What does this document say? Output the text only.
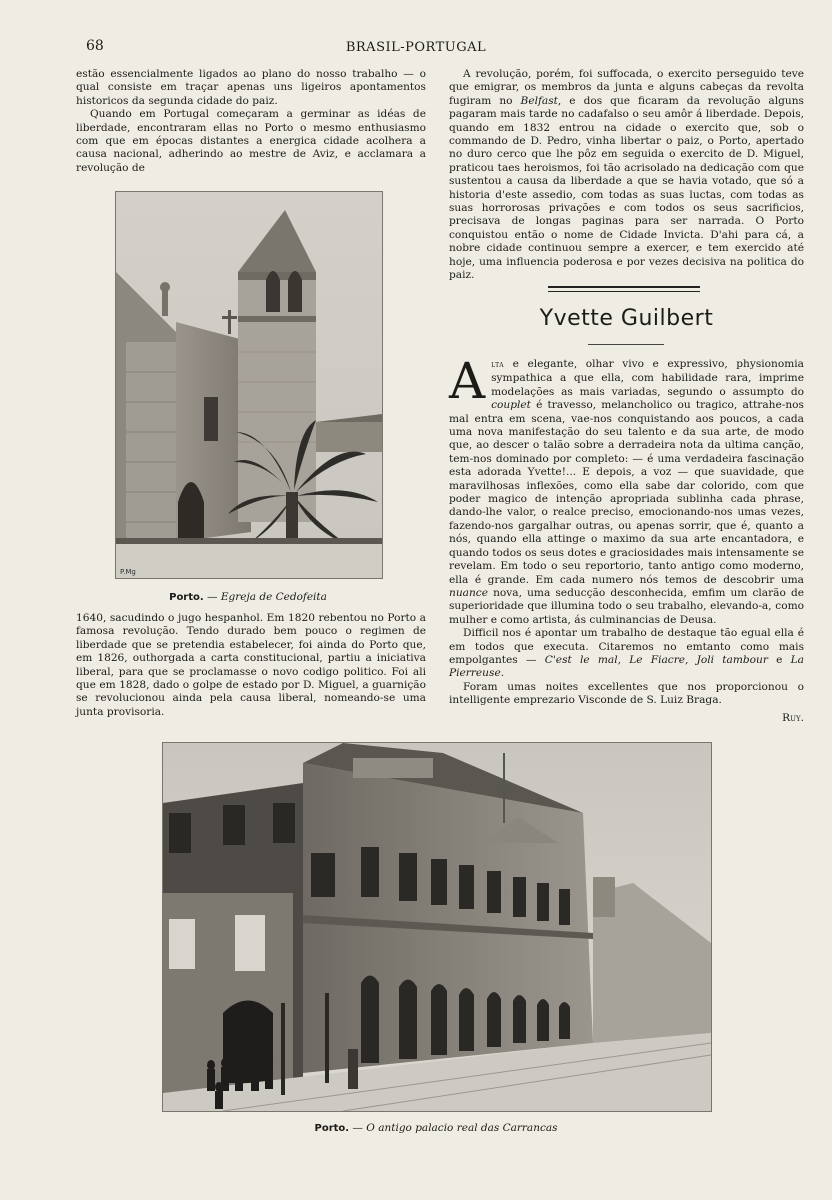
68	BRASIL-PORTUGAL

estão essencialmente ligados ao plano do nosso trabalho — o qual consiste em traçar apenas uns ligeiros apontamentos historicos da segunda cidade do paiz.

Quando em Portugal começaram a germinar as idéas de liberdade, encontraram ellas no Porto o mesmo enthusiasmo com que em épocas distantes a energica cidade acolhera a causa nacional, adherindo ao mestre de Aviz, e acclamara a revolução de

P.Mg
Porto. — Egreja de Cedofeita

1640, sacudindo o jugo hespanhol. Em 1820 rebentou no Porto a famosa revolução. Tendo durado bem pouco o regimen de liberdade que se pretendia estabelecer, foi ainda do Porto que, em 1826, outhorgada a carta constitucional, partiu a iniciativa liberal, para que se proclamasse o novo codigo politico. Foi ali que em 1828, dado o golpe de estado por D. Miguel, a guarnição se revolucionou ainda pela causa liberal, nomeando-se uma junta provisoria.

A revolução, porém, foi suffocada, o exercito perseguido teve que emigrar, os membros da junta e alguns cabeças da revolta fugiram no Belfast, e dos que ficaram da revolução alguns pagaram mais tarde no cadafalso o seu amôr á liberdade. Depois, quando em 1832 entrou na cidade o exercito que, sob o commando de D. Pedro, vinha libertar o paiz, o Porto, apertado no duro cerco que lhe pôz em seguida o exercito de D. Miguel, praticou taes heroismos, foi tão acrisolado na dedicação com que sustentou a causa da liberdade a que se havia votado, que só a historia d'este assedio, com todas as suas luctas, com todas as suas horrorosas privações e com todos os seus sacrificios, precisava de longas paginas para ser narrada. O Porto conquistou então o nome de Cidade Invicta. D'ahi para cá, a nobre cidade continuou sempre a exercer, e tem exercido até hoje, uma influencia poderosa e por vezes decisiva na politica do paiz.

Yvette Guilbert

Alta e elegante, olhar vivo e expressivo, physionomia sympathica a que ella, com habilidade rara, imprime modelações as mais variadas, segundo o assumpto do couplet é travesso, melancholico ou tragico, attrahe-nos mal entra em scena, vae-nos conquistando aos poucos, a cada uma nova manifestação do seu talento e da sua arte, de modo que, ao descer o talão sobre a derradeira nota da ultima canção, tem-nos dominado por completo: — é uma verdadeira fascinação esta adorada Yvette!... E depois, a voz — que suavidade, que maravilhosas inflexões, como ella sabe dar colorido, com que poder magico de intenção apropriada sublinha cada phrase, dando-lhe valor, o realce preciso, emocionando-nos umas vezes, fazendo-nos gargalhar outras, ou apenas sorrir, que é, quanto a nós, quando ella attinge o maximo da sua arte encantadora, e quando todos os seus dotes e graciosidades mais intensamente se revelam. Em todo o seu reportorio, tanto antigo como moderno, ella é grande. Em cada numero nós temos de descobrir uma nuance nova, uma seducção desconhecida, emfim um clarão de superioridade que illumina todo o seu trabalho, elevando-a, como mulher e como artista, ás culminancias de Deusa.

Difficil nos é apontar um trabalho de destaque tão egual ella é em todos que executa. Citaremos no emtanto como mais empolgantes — C'est le mal, Le Fiacre, Joli tambour e La Pierreuse.

Foram umas noites excellentes que nos proporcionou o intelligente emprezario Visconde de S. Luiz Braga.

Ruy.
Porto. — O antigo palacio real das Carrancas
